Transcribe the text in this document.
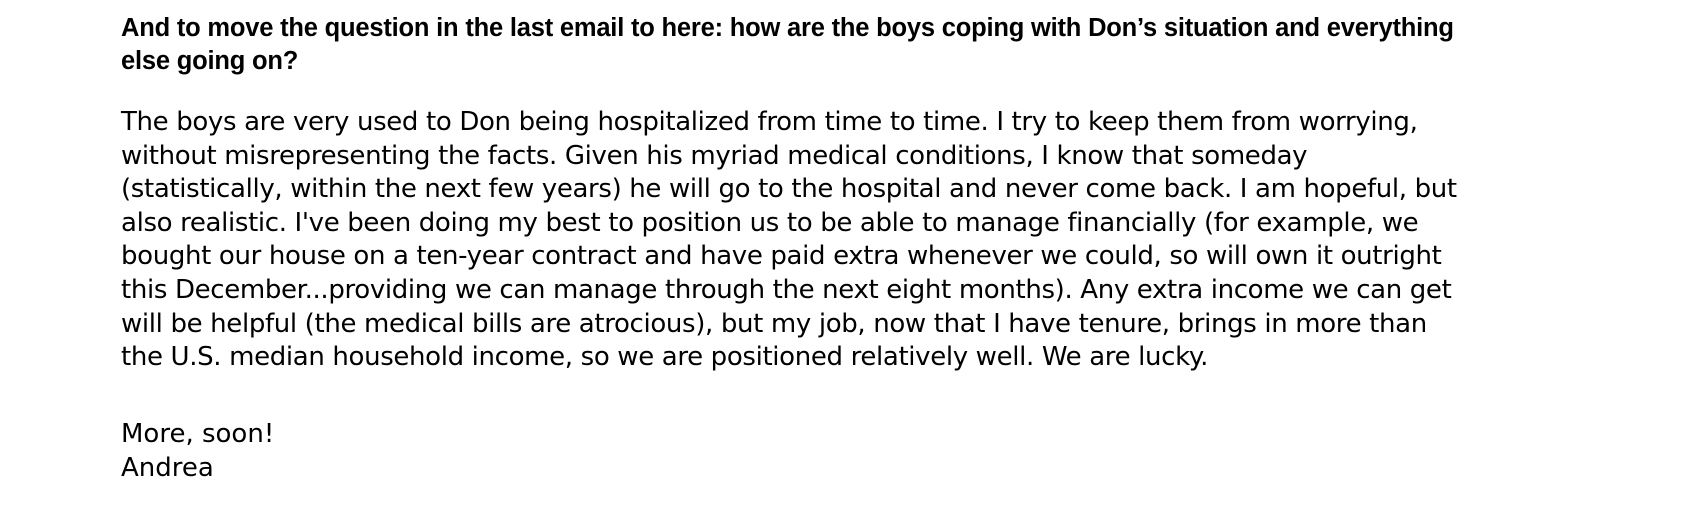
And to move the question in the last email to here: how are the boys coping with Don’s situation and everything
else going on?

The boys are very used to Don being hospitalized from time to time. I try to keep them from worrying,
without misrepresenting the facts. Given his myriad medical conditions, I know that someday
(statistically, within the next few years) he will go to the hospital and never come back. I am hopeful, but
also realistic. I've been doing my best to position us to be able to manage financially (for example, we
bought our house on a ten-year contract and have paid extra whenever we could, so will own it outright
this December...providing we can manage through the next eight months). Any extra income we can get
will be helpful (the medical bills are atrocious), but my job, now that I have tenure, brings in more than
the U.S. median household income, so we are positioned relatively well. We are lucky.

More, soon!
Andrea
